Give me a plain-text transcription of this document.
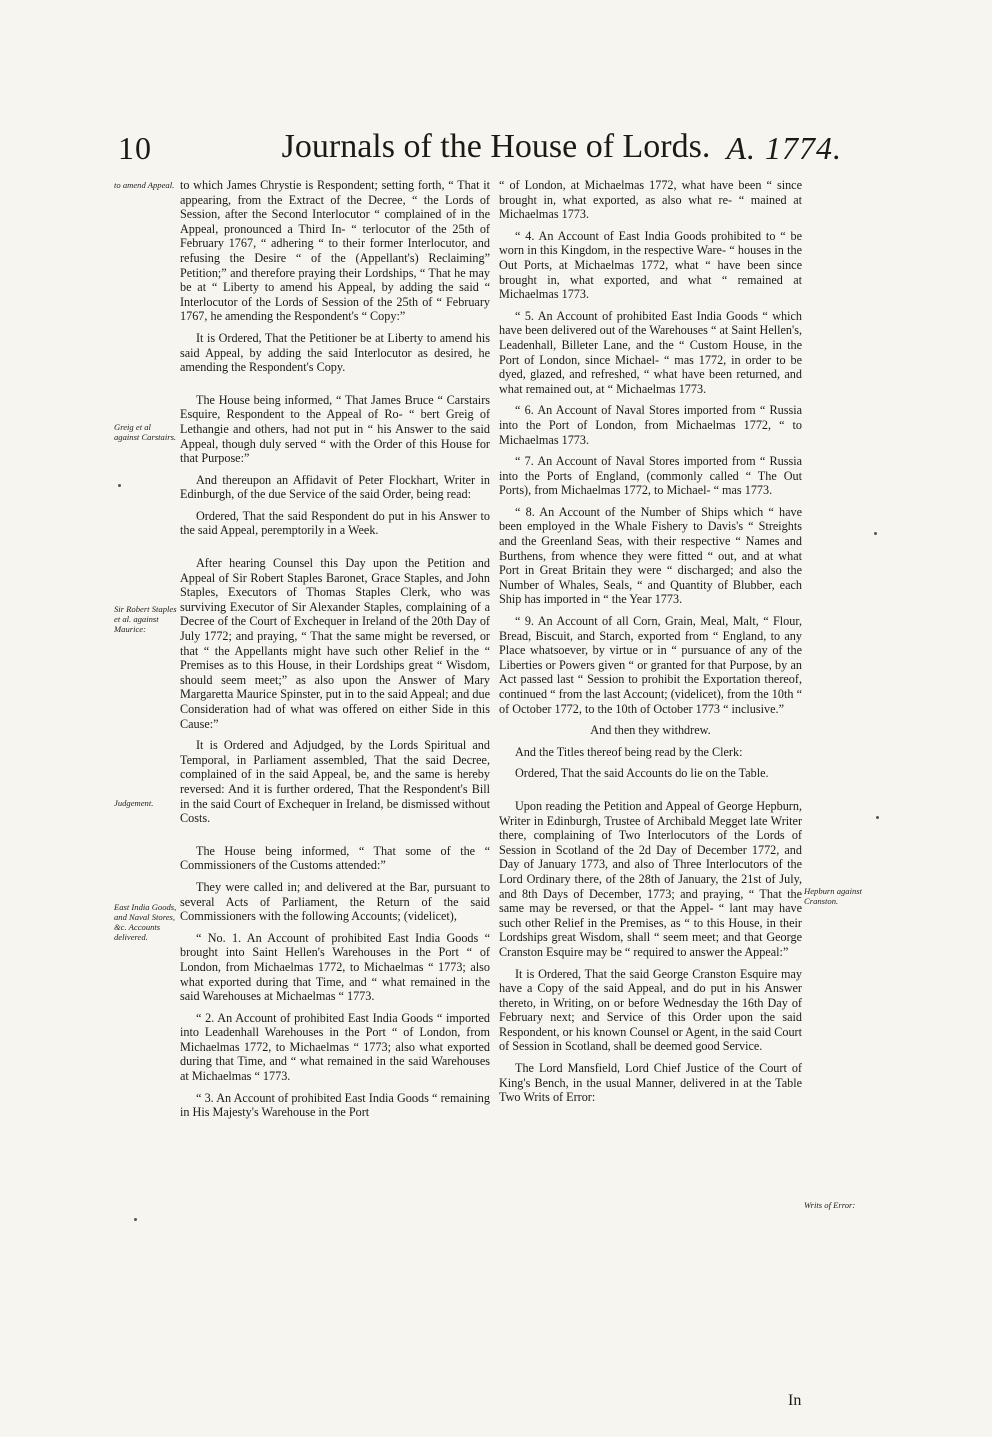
10	Journals of the House of Lords. A. 1774.
to amend Appeal.
Greig et al against Carstairs.
Sir Robert Staples et al. against Maurice:
Judgement.
East India Goods, and Naval Stores, &c. Accounts delivered.
Hepburn against Cranston.
Writs of Error:

to which James Chrystie is Respondent; setting forth, “ That it appearing, from the Extract of the Decree, “ the Lords of Session, after the Second Interlocutor “ complained of in the Appeal, pronounced a Third In- “ terlocutor of the 25th of February 1767, “ adhering “ to their former Interlocutor, and refusing the Desire “ of the (Appellant's) Reclaiming” Petition;” and therefore praying their Lordships, “ That he may be at “ Liberty to amend his Appeal, by adding the said “ Interlocutor of the Lords of Session of the 25th of “ February 1767, he amending the Respondent's “ Copy:”

It is Ordered, That the Petitioner be at Liberty to amend his said Appeal, by adding the said Interlocutor as desired, he amending the Respondent's Copy.

The House being informed, “ That James Bruce “ Carstairs Esquire, Respondent to the Appeal of Ro- “ bert Greig of Lethangie and others, had not put in “ his Answer to the said Appeal, though duly served “ with the Order of this House for that Purpose:”

And thereupon an Affidavit of Peter Flockhart, Writer in Edinburgh, of the due Service of the said Order, being read:

Ordered, That the said Respondent do put in his Answer to the said Appeal, peremptorily in a Week.

After hearing Counsel this Day upon the Petition and Appeal of Sir Robert Staples Baronet, Grace Staples, and John Staples, Executors of Thomas Staples Clerk, who was surviving Executor of Sir Alexander Staples, complaining of a Decree of the Court of Exchequer in Ireland of the 20th Day of July 1772; and praying, “ That the same might be reversed, or that “ the Appellants might have such other Relief in the “ Premises as to this House, in their Lordships great “ Wisdom, should seem meet;” as also upon the Answer of Mary Margaretta Maurice Spinster, put in to the said Appeal; and due Consideration had of what was offered on either Side in this Cause:”

It is Ordered and Adjudged, by the Lords Spiritual and Temporal, in Parliament assembled, That the said Decree, complained of in the said Appeal, be, and the same is hereby reversed: And it is further ordered, That the Respondent's Bill in the said Court of Exchequer in Ireland, be dismissed without Costs.

The House being informed, “ That some of the “ Commissioners of the Customs attended:”

They were called in; and delivered at the Bar, pursuant to several Acts of Parliament, the Return of the said Commissioners with the following Accounts; (videlicet),

“ No. 1. An Account of prohibited East India Goods “ brought into Saint Hellen's Warehouses in the Port “ of London, from Michaelmas 1772, to Michaelmas “ 1773; also what exported during that Time, and “ what remained in the said Warehouses at Michaelmas “ 1773.

“ 2. An Account of prohibited East India Goods “ imported into Leadenhall Warehouses in the Port “ of London, from Michaelmas 1772, to Michaelmas “ 1773; also what exported during that Time, and “ what remained in the said Warehouses at Michaelmas “ 1773.

“ 3. An Account of prohibited East India Goods “ remaining in His Majesty's Warehouse in the Port

“ of London, at Michaelmas 1772, what have been “ since brought in, what exported, as also what re- “ mained at Michaelmas 1773.

“ 4. An Account of East India Goods prohibited to “ be worn in this Kingdom, in the respective Ware- “ houses in the Out Ports, at Michaelmas 1772, what “ have been since brought in, what exported, and what “ remained at Michaelmas 1773.

“ 5. An Account of prohibited East India Goods “ which have been delivered out of the Warehouses “ at Saint Hellen's, Leadenhall, Billeter Lane, and the “ Custom House, in the Port of London, since Michael- “ mas 1772, in order to be dyed, glazed, and refreshed, “ what have been returned, and what remained out, at “ Michaelmas 1773.

“ 6. An Account of Naval Stores imported from “ Russia into the Port of London, from Michaelmas 1772, “ to Michaelmas 1773.

“ 7. An Account of Naval Stores imported from “ Russia into the Ports of England, (commonly called “ The Out Ports), from Michaelmas 1772, to Michael- “ mas 1773.

“ 8. An Account of the Number of Ships which “ have been employed in the Whale Fishery to Davis's “ Streights and the Greenland Seas, with their respective “ Names and Burthens, from whence they were fitted “ out, and at what Port in Great Britain they were “ discharged; and also the Number of Whales, Seals, “ and Quantity of Blubber, each Ship has imported in “ the Year 1773.

“ 9. An Account of all Corn, Grain, Meal, Malt, “ Flour, Bread, Biscuit, and Starch, exported from “ England, to any Place whatsoever, by virtue or in “ pursuance of any of the Liberties or Powers given “ or granted for that Purpose, by an Act passed last “ Session to prohibit the Exportation thereof, continued “ from the last Account; (videlicet), from the 10th “ of October 1772, to the 10th of October 1773 “ inclusive.”

And then they withdrew.

And the Titles thereof being read by the Clerk:

Ordered, That the said Accounts do lie on the Table.

Upon reading the Petition and Appeal of George Hepburn, Writer in Edinburgh, Trustee of Archibald Megget late Writer there, complaining of Two Interlocutors of the Lords of Session in Scotland of the 2d Day of December 1772, and Day of January 1773, and also of Three Interlocutors of the Lord Ordinary there, of the 28th of January, the 21st of July, and 8th Days of December, 1773; and praying, “ That the same may be reversed, or that the Appel- “ lant may have such other Relief in the Premises, as “ to this House, in their Lordships great Wisdom, shall “ seem meet; and that George Cranston Esquire may be “ required to answer the Appeal:”

It is Ordered, That the said George Cranston Esquire may have a Copy of the said Appeal, and do put in his Answer thereto, in Writing, on or before Wednesday the 16th Day of February next; and Service of this Order upon the said Respondent, or his known Counsel or Agent, in the said Court of Session in Scotland, shall be deemed good Service.

The Lord Mansfield, Lord Chief Justice of the Court of King's Bench, in the usual Manner, delivered in at the Table Two Writs of Error:

In
